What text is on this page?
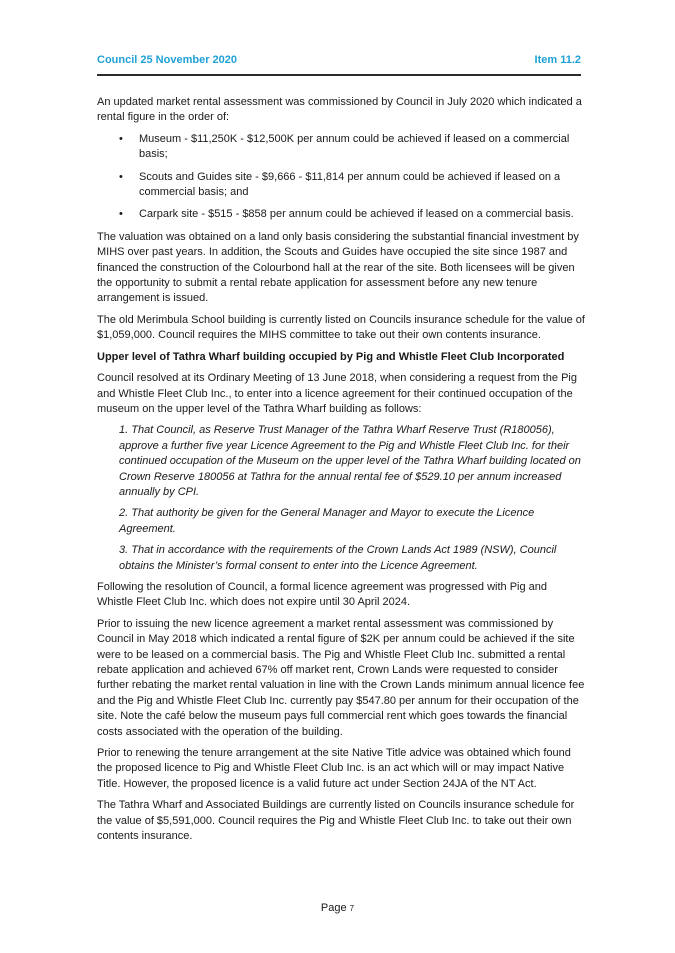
Council 25 November 2020	Item 11.2

An updated market rental assessment was commissioned by Council in July 2020 which indicated a rental figure in the order of:

• Museum - $11,250K - $12,500K per annum could be achieved if leased on a commercial basis;
• Scouts and Guides site - $9,666 - $11,814 per annum could be achieved if leased on a commercial basis; and
• Carpark site - $515 - $858 per annum could be achieved if leased on a commercial basis.

The valuation was obtained on a land only basis considering the substantial financial investment by MIHS over past years. In addition, the Scouts and Guides have occupied the site since 1987 and financed the construction of the Colourbond hall at the rear of the site. Both licensees will be given the opportunity to submit a rental rebate application for assessment before any new tenure arrangement is issued.

The old Merimbula School building is currently listed on Councils insurance schedule for the value of $1,059,000. Council requires the MIHS committee to take out their own contents insurance.

Upper level of Tathra Wharf building occupied by Pig and Whistle Fleet Club Incorporated

Council resolved at its Ordinary Meeting of 13 June 2018, when considering a request from the Pig and Whistle Fleet Club Inc., to enter into a licence agreement for their continued occupation of the museum on the upper level of the Tathra Wharf building as follows:

1. That Council, as Reserve Trust Manager of the Tathra Wharf Reserve Trust (R180056), approve a further five year Licence Agreement to the Pig and Whistle Fleet Club Inc. for their continued occupation of the Museum on the upper level of the Tathra Wharf building located on Crown Reserve 180056 at Tathra for the annual rental fee of $529.10 per annum increased annually by CPI.

2. That authority be given for the General Manager and Mayor to execute the Licence Agreement.

3. That in accordance with the requirements of the Crown Lands Act 1989 (NSW), Council obtains the Minister’s formal consent to enter into the Licence Agreement.

Following the resolution of Council, a formal licence agreement was progressed with Pig and Whistle Fleet Club Inc. which does not expire until 30 April 2024.

Prior to issuing the new licence agreement a market rental assessment was commissioned by Council in May 2018 which indicated a rental figure of $2K per annum could be achieved if the site were to be leased on a commercial basis. The Pig and Whistle Fleet Club Inc. submitted a rental rebate application and achieved 67% off market rent, Crown Lands were requested to consider further rebating the market rental valuation in line with the Crown Lands minimum annual licence fee and the Pig and Whistle Fleet Club Inc. currently pay $547.80 per annum for their occupation of the site. Note the café below the museum pays full commercial rent which goes towards the financial costs associated with the operation of the building.

Prior to renewing the tenure arrangement at the site Native Title advice was obtained which found the proposed licence to Pig and Whistle Fleet Club Inc. is an act which will or may impact Native Title. However, the proposed licence is a valid future act under Section 24JA of the NT Act.

The Tathra Wharf and Associated Buildings are currently listed on Councils insurance schedule for the value of $5,591,000. Council requires the Pig and Whistle Fleet Club Inc. to take out their own contents insurance.

Page 7
